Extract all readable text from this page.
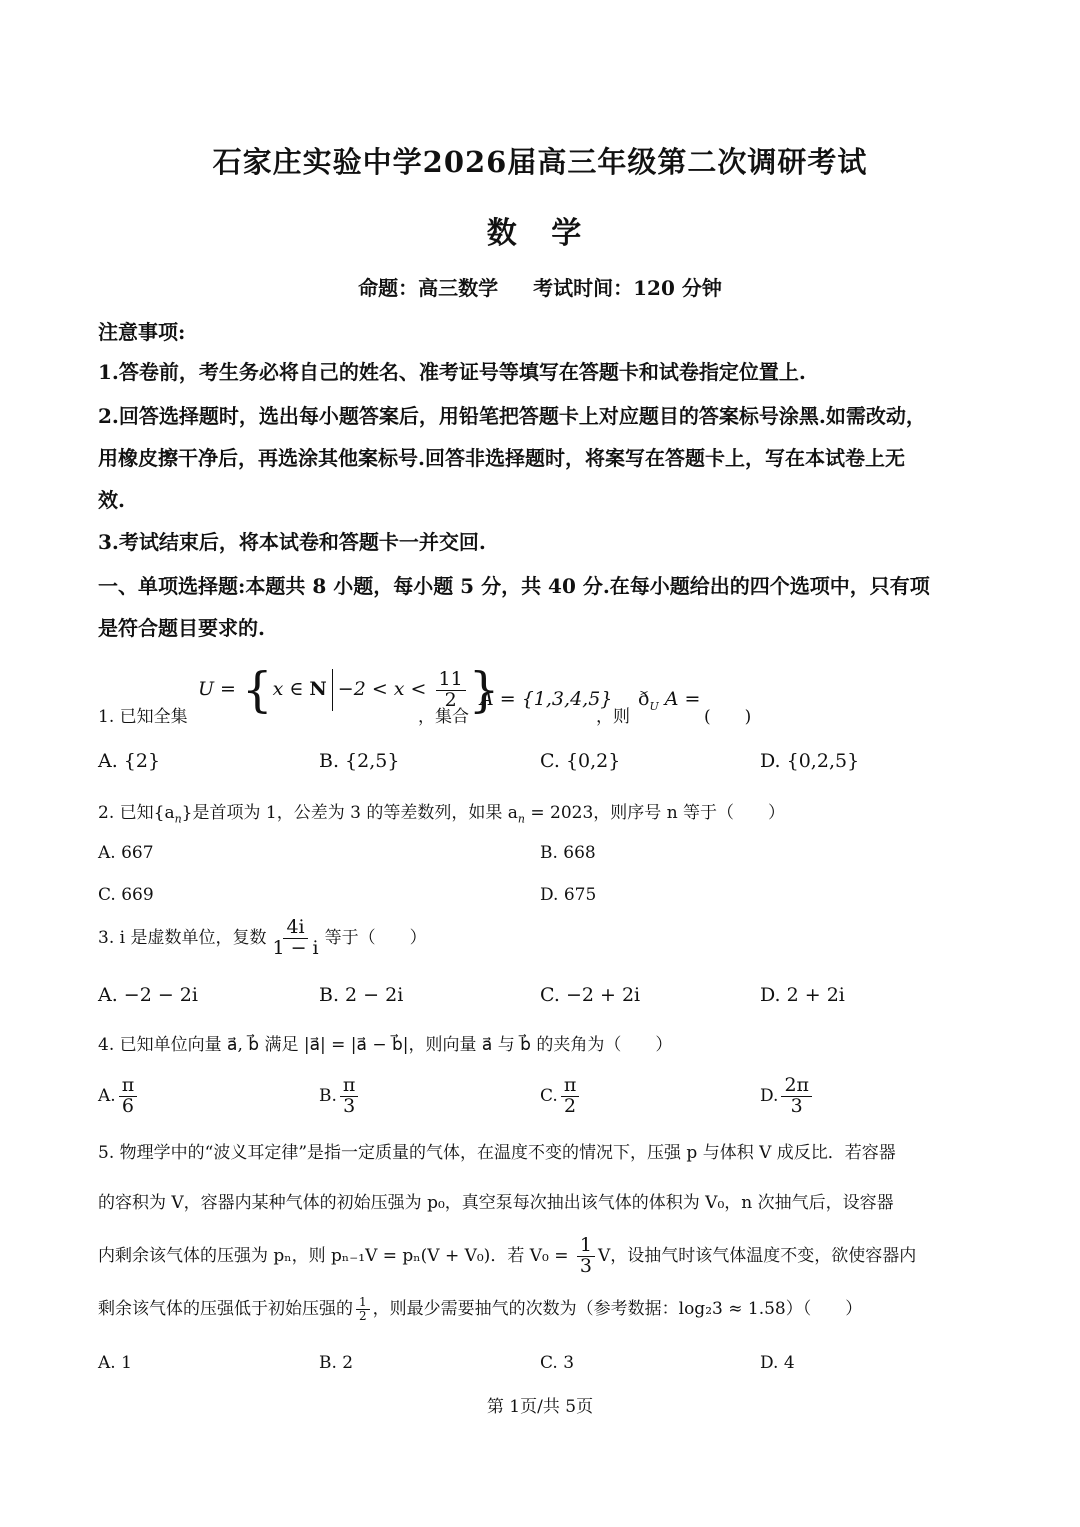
石家庄实验中学2026届高三年级第二次调研考试
数 学
命题：高三数学 考试时间：120 分钟
注意事项:
1.答卷前，考生务必将自己的姓名、准考证号等填写在答题卡和试卷指定位置上.
2.回答选择题时，选出每小题答案后，用铅笔把答题卡上对应题目的答案标号涂黑.如需改动，
用橡皮擦干净后，再选涂其他案标号.回答非选择题时，将案写在答题卡上，写在本试卷上无
效.
3.考试结束后，将本试卷和答题卡一并交回.
一、单项选择题:本题共 8 小题，每小题 5 分，共 40 分.在每小题给出的四个选项中，只有项
是符合题目要求的.
1. 已知全集
U = {x ∈ $N -2 < x < \frac{11}{2}$ }
，集合
A = {1,3,4,5}
，则
$ð_U$ A =
(　　)
A. {2}	B. {2,5}	C. {0,2}	D. {0,2,5}
2. 已知$\{a_n\}$是首项为 1，公差为 3 的等差数列，如果 $a_n = 2023$，则序号 n 等于（　　）
A. 667	B. 668
C. 669	D. 675
3. i 是虚数单位，复数 $\frac{4i}{1 - i}$ 等于（　　）
A. −2 − 2i	B. 2 − 2i	C. −2 + 2i	D. 2 + 2i
4. 已知单位向量 a⃗, b⃗ 满足 |a⃗| = |a⃗ − b⃗|，则向量 a⃗ 与 b⃗ 的夹角为（　　）
A. $\frac{\pi}{6}$	B. $\frac{\pi}{3}$	C. $\frac{\pi}{2}$	D. $\frac{2\pi}{3}$
5. 物理学中的“波义耳定律”是指一定质量的气体，在温度不变的情况下，压强 p 与体积 V 成反比．若容器
的容积为 V，容器内某种气体的初始压强为 p₀，真空泵每次抽出该气体的体积为 V₀，n 次抽气后，设容器
内剩余该气体的压强为 pₙ，则 pₙ₋₁V = pₙ(V + V₀)．若 $V_0 = \frac{1}{3}$ V，设抽气时该气体温度不变，欲使容器内
剩余该气体的压强低于初始压强的 $\frac{1}{2}$ ，则最少需要抽气的次数为（参考数据：log₂3 ≈ 1.58）（　　）
A. 1	B. 2	C. 3	D. 4
第 1页/共 5页
